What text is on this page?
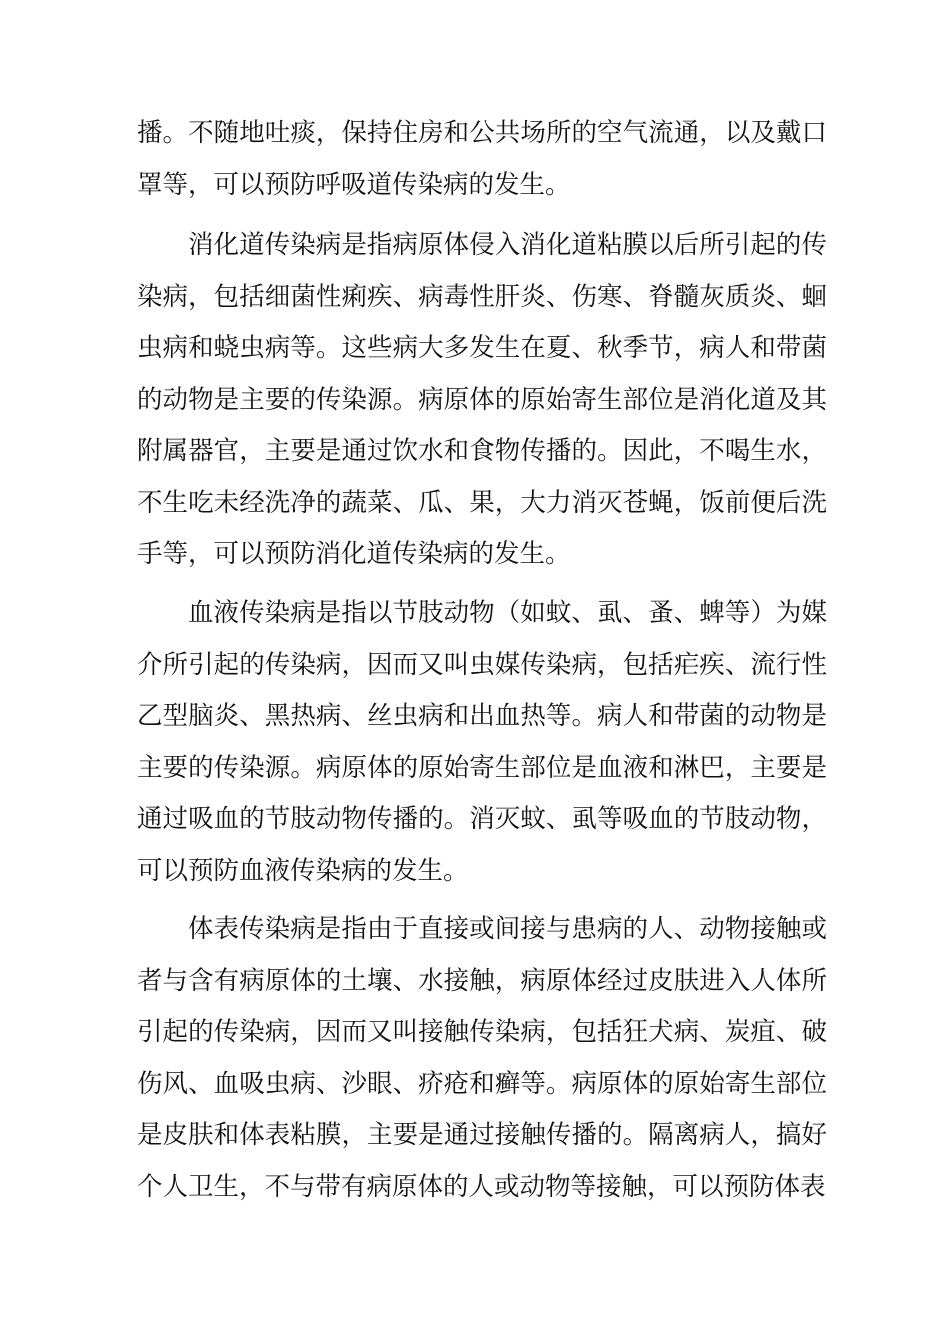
播。不随地吐痰，保持住房和公共场所的空气流通，以及戴口罩等，可以预防呼吸道传染病的发生。

消化道传染病是指病原体侵入消化道粘膜以后所引起的传染病，包括细菌性痢疾、病毒性肝炎、伤寒、脊髓灰质炎、蛔虫病和蛲虫病等。这些病大多发生在夏、秋季节，病人和带菌的动物是主要的传染源。病原体的原始寄生部位是消化道及其附属器官，主要是通过饮水和食物传播的。因此，不喝生水，不生吃未经洗净的蔬菜、瓜、果，大力消灭苍蝇，饭前便后洗手等，可以预防消化道传染病的发生。

血液传染病是指以节肢动物（如蚊、虱、蚤、蜱等）为媒介所引起的传染病，因而又叫虫媒传染病，包括疟疾、流行性乙型脑炎、黑热病、丝虫病和出血热等。病人和带菌的动物是主要的传染源。病原体的原始寄生部位是血液和淋巴，主要是通过吸血的节肢动物传播的。消灭蚊、虱等吸血的节肢动物，可以预防血液传染病的发生。

体表传染病是指由于直接或间接与患病的人、动物接触或者与含有病原体的土壤、水接触，病原体经过皮肤进入人体所引起的传染病，因而又叫接触传染病，包括狂犬病、炭疽、破伤风、血吸虫病、沙眼、疥疮和癣等。病原体的原始寄生部位是皮肤和体表粘膜，主要是通过接触传播的。隔离病人，搞好个人卫生，不与带有病原体的人或动物等接触，可以预防体表
